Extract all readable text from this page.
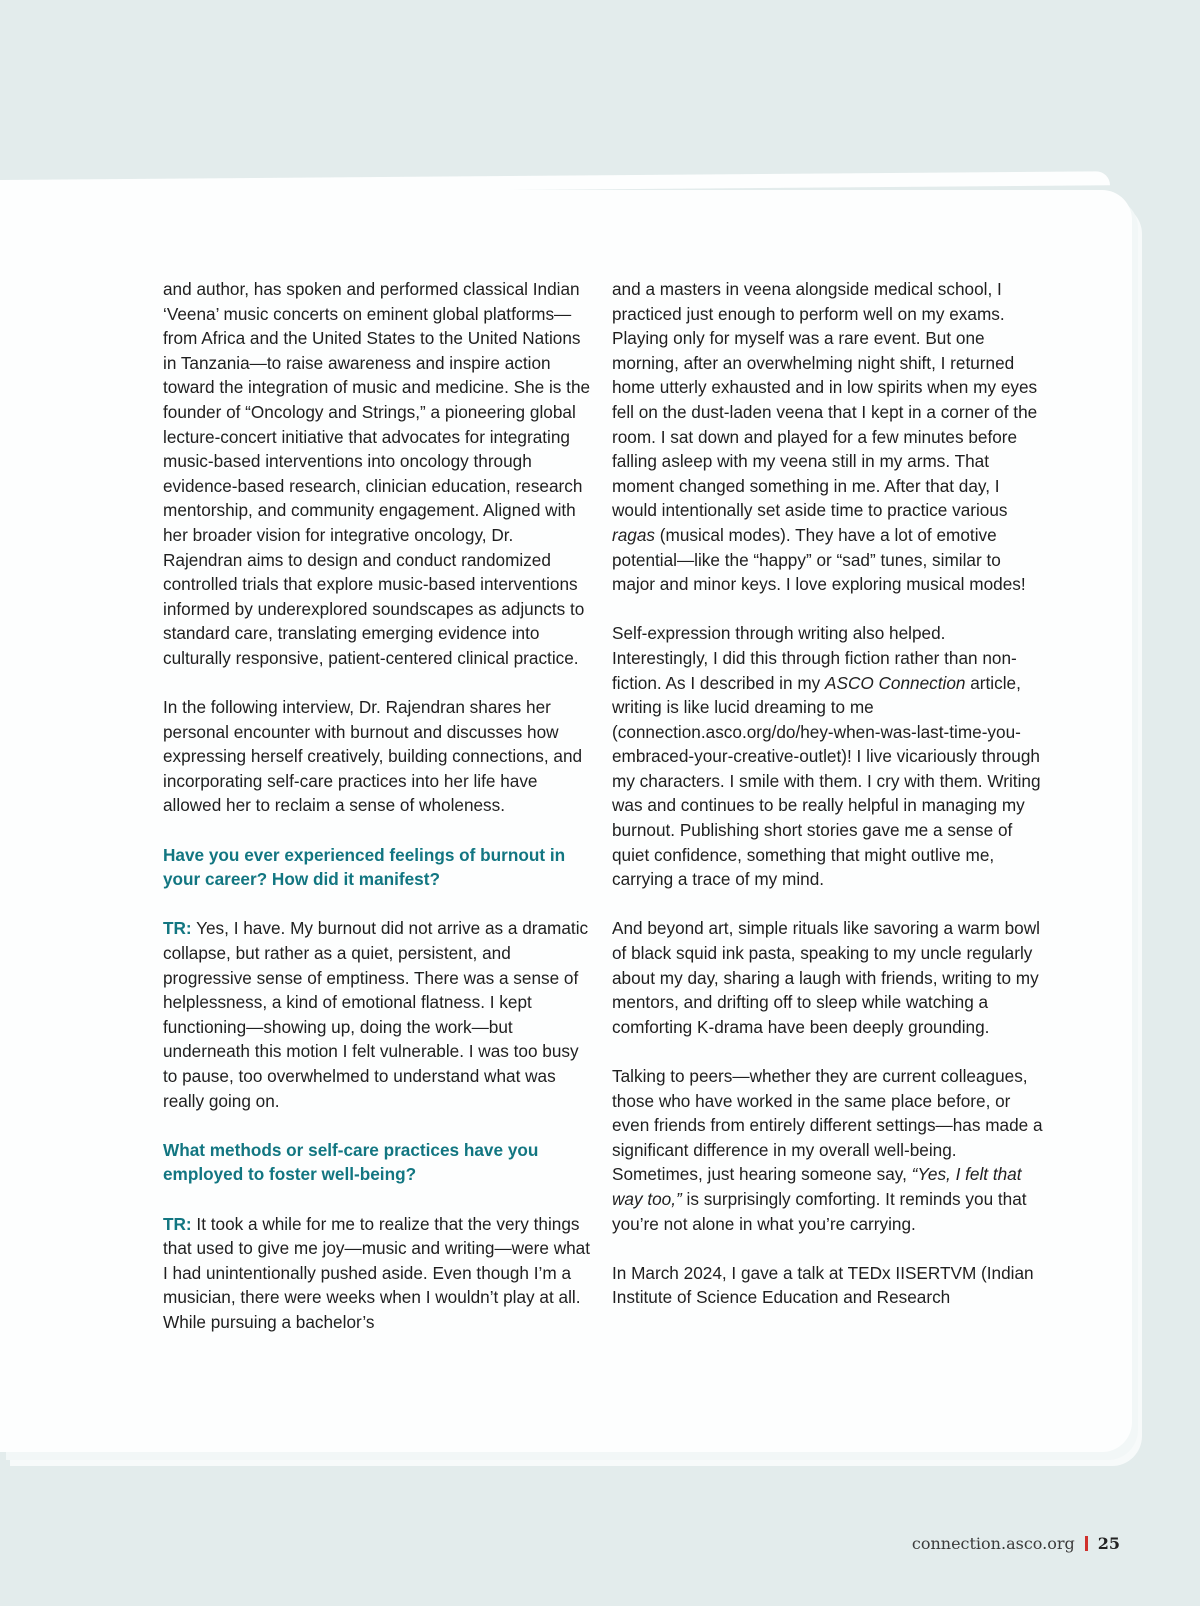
and author, has spoken and performed classical Indian ‘Veena’ music concerts on eminent global platforms—from Africa and the United States to the United Nations in Tanzania—to raise awareness and inspire action toward the integration of music and medicine. She is the founder of “Oncology and Strings,” a pioneering global lecture-concert initiative that advocates for integrating music-based interventions into oncology through evidence-based research, clinician education, research mentorship, and community engagement. Aligned with her broader vision for integrative oncology, Dr. Rajendran aims to design and conduct randomized controlled trials that explore music-based interventions informed by underexplored soundscapes as adjuncts to standard care, translating emerging evidence into culturally responsive, patient-centered clinical practice.

In the following interview, Dr. Rajendran shares her personal encounter with burnout and discusses how expressing herself creatively, building connections, and incorporating self-care practices into her life have allowed her to reclaim a sense of wholeness.

Have you ever experienced feelings of burnout in your career? How did it manifest?

TR: Yes, I have. My burnout did not arrive as a dramatic collapse, but rather as a quiet, persistent, and progressive sense of emptiness. There was a sense of helplessness, a kind of emotional flatness. I kept functioning—showing up, doing the work—but underneath this motion I felt vulnerable. I was too busy to pause, too overwhelmed to understand what was really going on.

What methods or self-care practices have you employed to foster well-being?

TR: It took a while for me to realize that the very things that used to give me joy—music and writing—were what I had unintentionally pushed aside. Even though I’m a musician, there were weeks when I wouldn’t play at all. While pursuing a bachelor’s

and a masters in veena alongside medical school, I practiced just enough to perform well on my exams. Playing only for myself was a rare event. But one morning, after an overwhelming night shift, I returned home utterly exhausted and in low spirits when my eyes fell on the dust-laden veena that I kept in a corner of the room. I sat down and played for a few minutes before falling asleep with my veena still in my arms. That moment changed something in me. After that day, I would intentionally set aside time to practice various ragas (musical modes). They have a lot of emotive potential—like the “happy” or “sad” tunes, similar to major and minor keys. I love exploring musical modes!

Self-expression through writing also helped. Interestingly, I did this through fiction rather than non-fiction. As I described in my ASCO Connection article, writing is like lucid dreaming to me (connection.asco.org/do/hey-when-was-last-time-you-embraced-your-creative-outlet)! I live vicariously through my characters. I smile with them. I cry with them. Writing was and continues to be really helpful in managing my burnout. Publishing short stories gave me a sense of quiet confidence, something that might outlive me, carrying a trace of my mind.

And beyond art, simple rituals like savoring a warm bowl of black squid ink pasta, speaking to my uncle regularly about my day, sharing a laugh with friends, writing to my mentors, and drifting off to sleep while watching a comforting K-drama have been deeply grounding.

Talking to peers—whether they are current colleagues, those who have worked in the same place before, or even friends from entirely different settings—has made a significant difference in my overall well-being. Sometimes, just hearing someone say, “Yes, I felt that way too,” is surprisingly comforting. It reminds you that you’re not alone in what you’re carrying.

In March 2024, I gave a talk at TEDx IISERTVM (Indian Institute of Science Education and Research

connection.asco.org 25
